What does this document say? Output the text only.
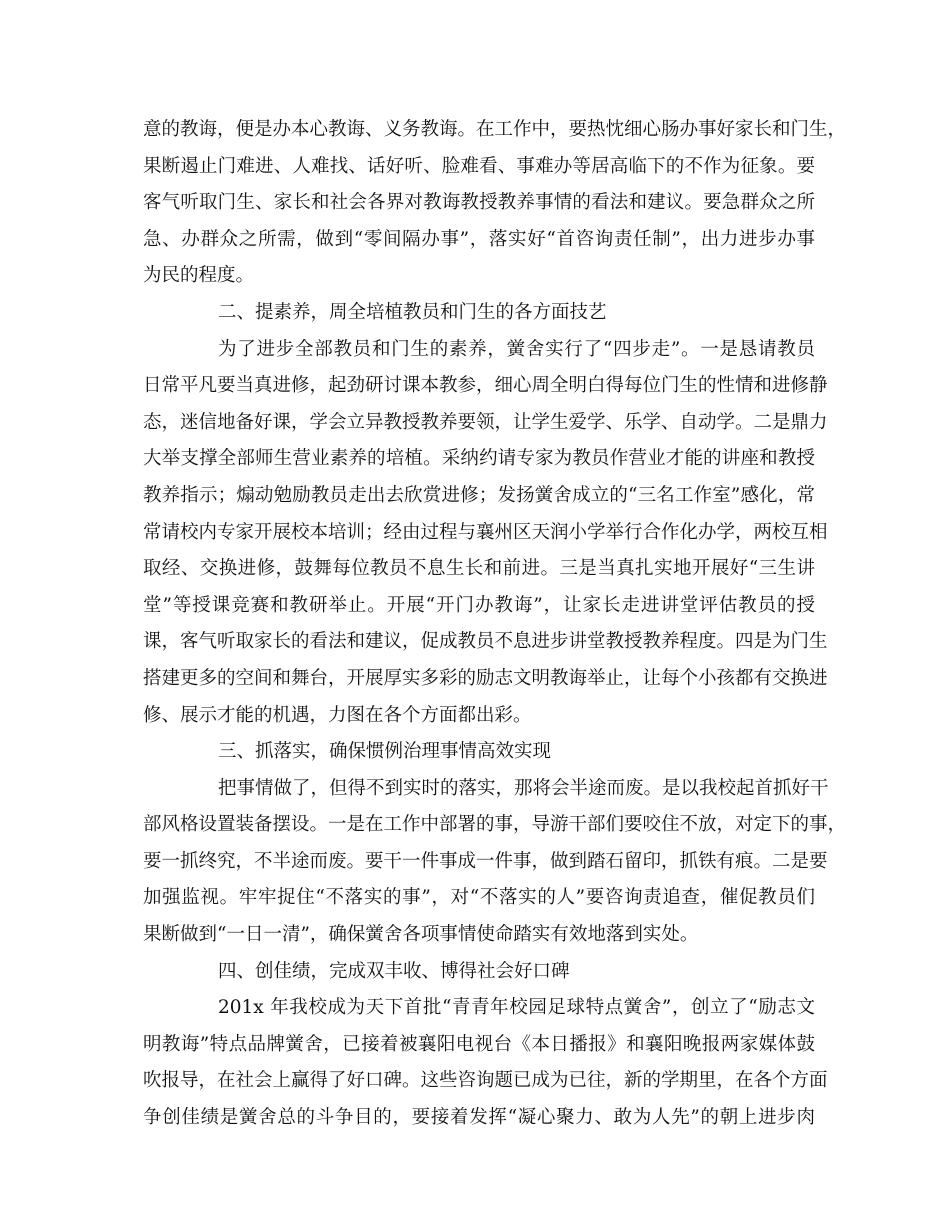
意的教诲，便是办本心教诲、义务教诲。在工作中，要热忱细心肠办事好家长和门生，
果断遏止门难进、人难找、话好听、脸难看、事难办等居高临下的不作为征象。要
客气听取门生、家长和社会各界对教诲教授教养事情的看法和建议。要急群众之所
急、办群众之所需，做到“零间隔办事”，落实好“首咨询责任制”，出力进步办事
为民的程度。
二、提素养，周全培植教员和门生的各方面技艺
为了进步全部教员和门生的素养，黉舍实行了“四步走”。一是恳请教员
日常平凡要当真进修，起劲研讨课本教参，细心周全明白得每位门生的性情和进修静
态，迷信地备好课，学会立异教授教养要领，让学生爱学、乐学、自动学。二是鼎力
大举支撑全部师生营业素养的培植。采纳约请专家为教员作营业才能的讲座和教授
教养指示；煽动勉励教员走出去欣赏进修；发扬黉舍成立的“三名工作室”感化，常
常请校内专家开展校本培训；经由过程与襄州区天润小学举行合作化办学，两校互相
取经、交换进修，鼓舞每位教员不息生长和前进。三是当真扎实地开展好“三生讲
堂”等授课竞赛和教研举止。开展“开门办教诲”，让家长走进讲堂评估教员的授
课，客气听取家长的看法和建议，促成教员不息进步讲堂教授教养程度。四是为门生
搭建更多的空间和舞台，开展厚实多彩的励志文明教诲举止，让每个小孩都有交换进
修、展示才能的机遇，力图在各个方面都出彩。
三、抓落实，确保惯例治理事情高效实现
把事情做了，但得不到实时的落实，那将会半途而废。是以我校起首抓好干
部风格设置装备摆设。一是在工作中部署的事，导游干部们要咬住不放，对定下的事，
要一抓终究，不半途而废。要干一件事成一件事，做到踏石留印，抓铁有痕。二是要
加强监视。牢牢捉住“不落实的事”，对“不落实的人”要咨询责追查，催促教员们
果断做到“一日一清”，确保黉舍各项事情使命踏实有效地落到实处。
四、创佳绩，完成双丰收、博得社会好口碑
201x 年我校成为天下首批“青青年校园足球特点黉舍”，创立了“励志文
明教诲”特点品牌黉舍，已接着被襄阳电视台《本日播报》和襄阳晚报两家媒体鼓
吹报导，在社会上赢得了好口碑。这些咨询题已成为已往，新的学期里，在各个方面
争创佳绩是黉舍总的斗争目的，要接着发挥“凝心聚力、敢为人先”的朝上进步肉
